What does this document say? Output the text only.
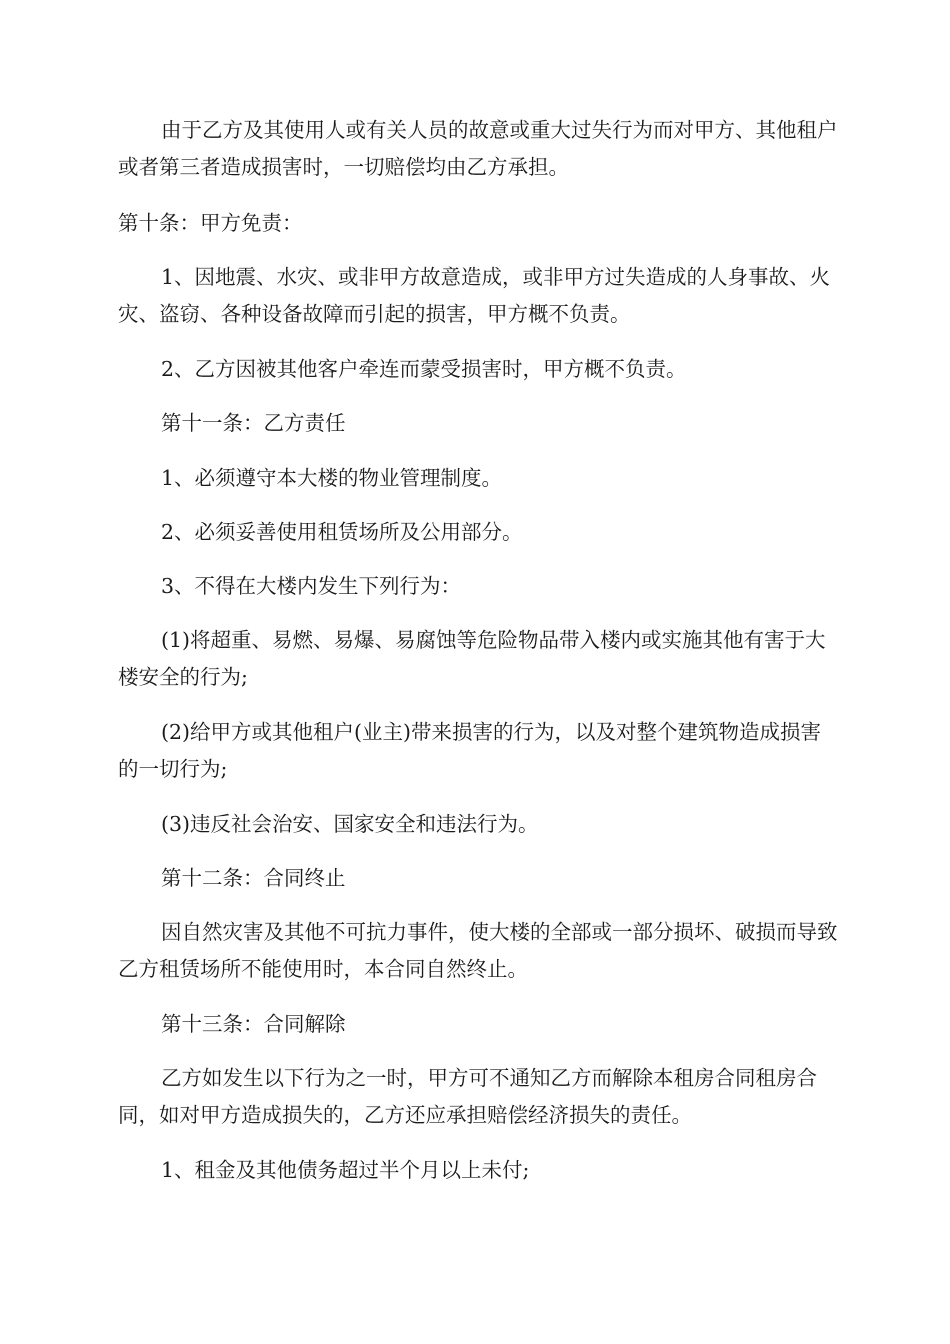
由于乙方及其使用人或有关人员的故意或重大过失行为而对甲方、其他租户或者第三者造成损害时，一切赔偿均由乙方承担。

第十条：甲方免责：

1、因地震、水灾、或非甲方故意造成，或非甲方过失造成的人身事故、火灾、盗窃、各种设备故障而引起的损害，甲方概不负责。

2、乙方因被其他客户牵连而蒙受损害时，甲方概不负责。

第十一条：乙方责任

1、必须遵守本大楼的物业管理制度。

2、必须妥善使用租赁场所及公用部分。

3、不得在大楼内发生下列行为：

(1)将超重、易燃、易爆、易腐蚀等危险物品带入楼内或实施其他有害于大楼安全的行为;

(2)给甲方或其他租户(业主)带来损害的行为，以及对整个建筑物造成损害的一切行为;

(3)违反社会治安、国家安全和违法行为。

第十二条：合同终止

因自然灾害及其他不可抗力事件，使大楼的全部或一部分损坏、破损而导致乙方租赁场所不能使用时，本合同自然终止。

第十三条：合同解除

乙方如发生以下行为之一时，甲方可不通知乙方而解除本租房合同租房合同，如对甲方造成损失的，乙方还应承担赔偿经济损失的责任。

1、租金及其他债务超过半个月以上未付;
